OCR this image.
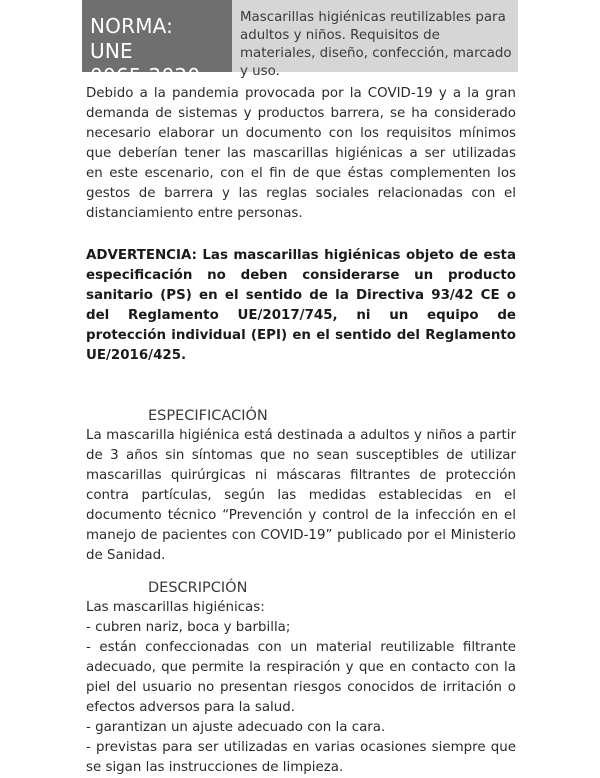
NORMA:
UNE 0065:2020
Mascarillas higiénicas reutilizables para adultos y niños. Requisitos de materiales, diseño, confección, marcado y uso.

Debido a la pandemia provocada por la COVID-19 y a la gran demanda de sistemas y productos barrera, se ha considerado necesario elaborar un documento con los requisitos mínimos que deberían tener las mascarillas higiénicas a ser utilizadas en este escenario, con el fin de que éstas complementen los gestos de barrera y las reglas sociales relacionadas con el distanciamiento entre personas.

ADVERTENCIA: Las mascarillas higiénicas objeto de esta especificación no deben considerarse un producto sanitario (PS) en el sentido de la Directiva 93/42 CE o del Reglamento UE/2017/745, ni un equipo de protección individual (EPI) en el sentido del Reglamento UE/2016/425.

ESPECIFICACIÓN

La mascarilla higiénica está destinada a adultos y niños a partir de 3 años sin síntomas que no sean susceptibles de utilizar mascarillas quirúrgicas ni máscaras filtrantes de protección contra partículas, según las medidas establecidas en el documento técnico “Prevención y control de la infección en el manejo de pacientes con COVID-19” publicado por el Ministerio de Sanidad.

DESCRIPCIÓN

Las mascarillas higiénicas:

- cubren nariz, boca y barbilla;
- están confeccionadas con un material reutilizable filtrante adecuado, que permite la respiración y que en contacto con la piel del usuario no presentan riesgos conocidos de irritación o efectos adversos para la salud.
- garantizan un ajuste adecuado con la cara.
- previstas para ser utilizadas en varias ocasiones siempre que se sigan las instrucciones de limpieza.
